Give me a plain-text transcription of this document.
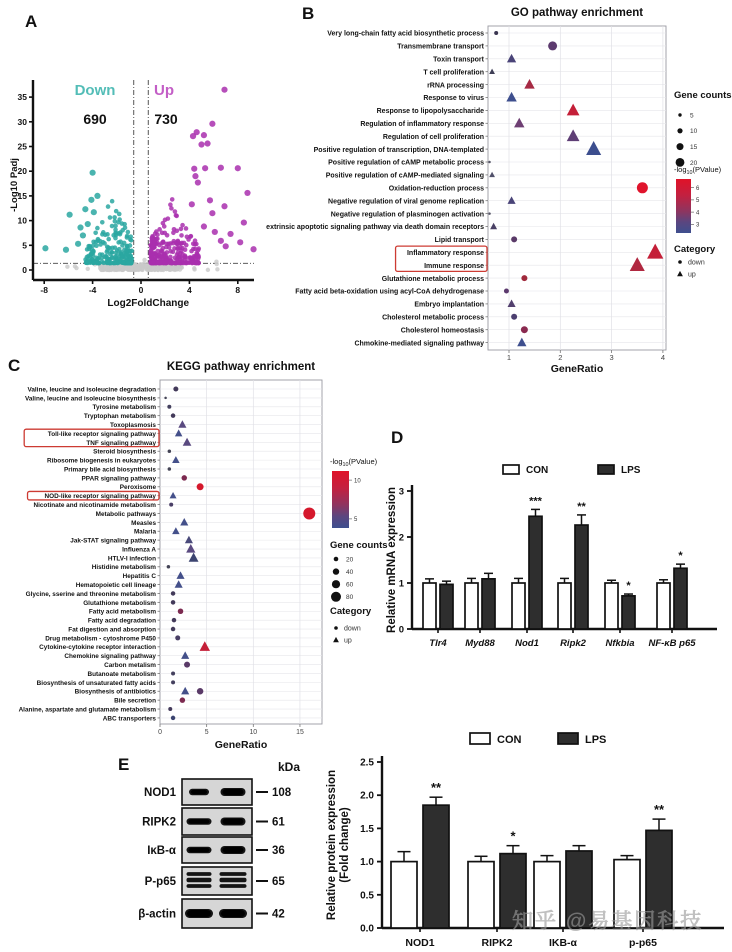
A	B
C
D
E
0
5
10
15
20
25
30
35
-8	-4	0	4	8
Log2FoldChange
-Log10 Padj
Down
690
Up
730
GO pathway enrichment
Very long-chain fatty acid biosynthetic process
Transmembrane transport
Toxin transport
T cell proliferation
rRNA processing
Response to virus
Response to lipopolysaccharide
Regulation of inflammatory response
Regulation of cell proliferation
Positive regulation of transcription, DNA-templated
Positive regulation of cAMP metabolic process
Positive regulation of cAMP-mediated signaling
Oxidation-reduction process
Negative regulation of viral genome replication
Negative regulation of plasminogen activation
extrinsic apoptotic signaling pathway via death domain receptors
Lipid transport
Inflammatory response
Immune response
Glutathione metabolic process
Fatty acid beta-oxidation using acyl-CoA dehydrogenase
Embryo implantation
Cholesterol metabolic process
Cholesterol homeostasis
Chmokine-mediated signaling pathway
1	2	3	4
GeneRatio
Gene counts
5
10
15
20
$-\log_{10}(PValue)$
6
5
4
3
Category
down
up
KEGG pathway enrichment
Valine, leucine and isoleucine degradation
Valine, leucine and isoleucine biosynthesis
Tyrosine metabolism
Tryptophan metabolism
Toxoplasmosis
Toll-like receptor signaling pathway
TNF signaling pathway
Steroid biosynthesis
Ribosome biogenesis in eukaryotes
Primary bile acid biosynthesis
PPAR signaling pathway
Peroxisome
NOD-like receptor signaling pathway
Nicotinate and nicotinamide metabolism
Metabolic pathways
Measles
Malaria
Jak-STAT signaling pathway
Influenza A
HTLV-I infection
Histidine metabolism
Hepatitis C
Hematopoietic cell lineage
Glycine, sserine and threonine metabolism
Glutathione metabolism
Fatty acid metabolism
Fatty acid degradation
Fat digestion and absorption
Drug metabolism - cytoshrome P450
Cytokine-cytokine receptor interaction
Chemokine signaling pathway
Carbon metalism
Butanoate metabolism
Biosynthesis of unsaturated fatty acids
Biosynthesis of antibiotics
Bile secretion
Alanine, aspartate and glutamate metabolism
ABC transporters
0	5	10	15
GeneRatio
Gene counts
20
40
60
80
$-\log_{10}(PValue)$
10
5
Category
down
up
CON	LPS
0
1
2
3
Tlr4 Myd88 Nod1
***
Ripk2
**
Nfkbia
*
NF-κB p65
*
Relative mRNA expression
CON	LPS
0.0
0.5
1.0
1.5
2.0
2.5
NOD1
**
RIPK2
*
IKB-α	p-p65
**
Relative protein expression (Fold change)
kDa
NOD1	108
RIPK2	61
IκB-α	36
P-p65	65
β-actin	42	知乎 @易基因科技
